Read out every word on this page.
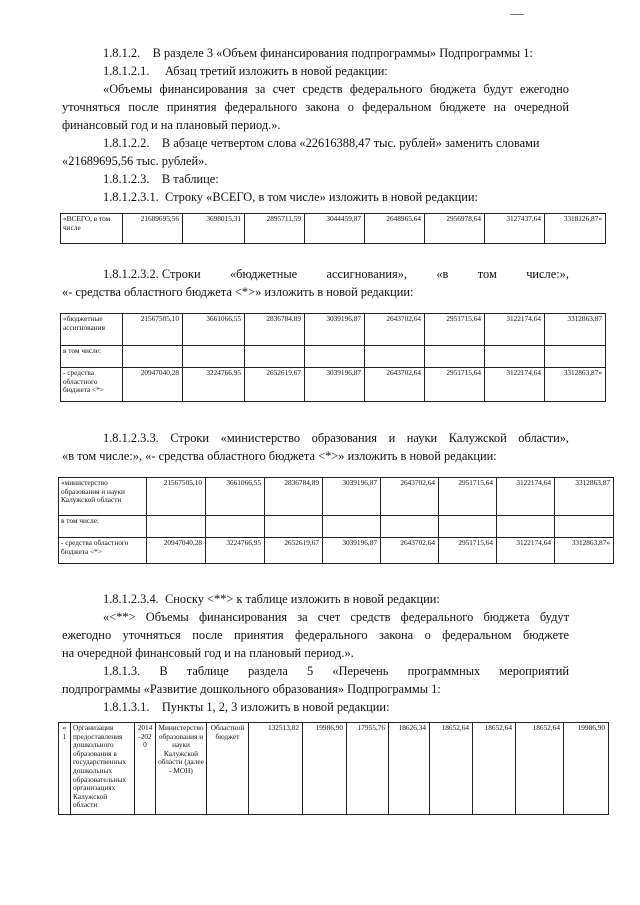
1.8.1.2. В разделе 3 «Объем финансирования подпрограммы» Подпрограммы 1:
1.8.1.2.1. Абзац третий изложить в новой редакции:
«Объемы финансирования за счет средств федерального бюджета будут ежегодно
уточняться после принятия федерального закона о федеральном бюджете на очередной
финансовый год и на плановый период.».
1.8.1.2.2. В абзаце четвертом слова «22616388,47 тыс. рублей» заменить словами
«21689695,56 тыс. рублей».
1.8.1.2.3. В таблице:
1.8.1.2.3.1. Строку «ВСЕГО, в том числе» изложить в новой редакции:
«ВСЕГО, в том числе	21689695,56	3698015,31	2895711,59	3044459,87	2648965,64	2956978,64	3127437,64	3318126,87»
1.8.1.2.3.2. Строки «бюджетные ассигнования», «в том числе:»,
«- средства областного бюджета <*>» изложить в новой редакции:
«бюджетные ассигнования	21567505,10	3661066,55	2836784,89	3039196,87	2643702,64	2951715,64	3122174,64	3312863,87
в том числе:								
- средства областного бюджета <*>	20947040,28	3224766,95	2652619,67	3039196,87	2643702,64	2951715,64	3122174,64	3312863,87»
1.8.1.2.3.3. Строки «министерство образования и науки Калужской области»,
«в том числе:», «- средства областного бюджета <*>» изложить в новой редакции:
«министерство образования и науки Калужской области	21567505,10	3661066,55	2836784,89	3039196,87	2643702,64	2951715,64	3122174,64	3312863,87
в том числе:								
- средства областного бюджета <*>	20947040,28	3224766,95	2652619,67	3039196,87	2643702,64	2951715,64	3122174,64	3312863,87»
1.8.1.2.3.4. Сноску <**> к таблице изложить в новой редакции:
«<**> Объемы финансирования за счет средств федерального бюджета будут
ежегодно уточняться после принятия федерального закона о федеральном бюджете
на очередной финансовый год и на плановый период.».
1.8.1.3. В таблице раздела 5 «Перечень программных мероприятий
подпрограммы «Развитие дошкольного образования» Подпрограммы 1:
1.8.1.3.1. Пункты 1, 2, 3 изложить в новой редакции:
«1	Организация предоставления дошкольного образования в государственных дошкольных образовательных организациях Калужской области	2014-2020	Министерство образования и науки Калужской области (далее - МОН)	Областной бюджет	132513,82	19986,90	17955,76	18626,34	18652,64	18652,64	18652,64	19986,90
